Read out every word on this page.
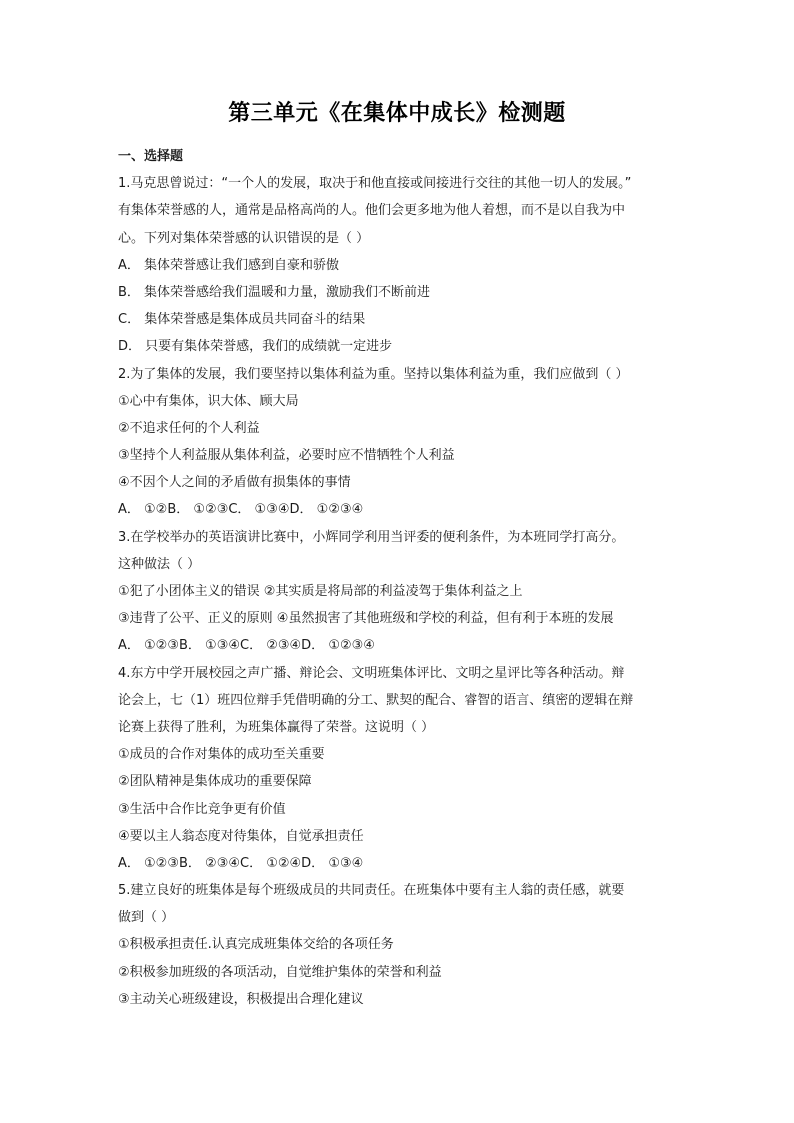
第三单元《在集体中成长》检测题
一、选择题
1.马克思曾说过：“一个人的发展，取决于和他直接或间接进行交往的其他一切人的发展。”
有集体荣誉感的人，通常是品格高尚的人。他们会更多地为他人着想，而不是以自我为中
心。下列对集体荣誉感的认识错误的是（ ）
A． 集体荣誉感让我们感到自豪和骄傲
B． 集体荣誉感给我们温暖和力量，激励我们不断前进
C． 集体荣誉感是集体成员共同奋斗的结果
D． 只要有集体荣誉感，我们的成绩就一定进步
2.为了集体的发展，我们要坚持以集体利益为重。坚持以集体利益为重，我们应做到（ ）
①心中有集体，识大体、顾大局
②不追求任何的个人利益
③坚持个人利益服从集体利益，必要时应不惜牺牲个人利益
④不因个人之间的矛盾做有损集体的事情
A． ①②B． ①②③C． ①③④D． ①②③④
3.在学校举办的英语演讲比赛中，小辉同学利用当评委的便利条件，为本班同学打高分。
这种做法（ ）
①犯了小团体主义的错误 ②其实质是将局部的利益凌驾于集体利益之上
③违背了公平、正义的原则 ④虽然损害了其他班级和学校的利益，但有利于本班的发展
A． ①②③B． ①③④C． ②③④D． ①②③④
4.东方中学开展校园之声广播、辩论会、文明班集体评比、文明之星评比等各种活动。辩
论会上，七（1）班四位辩手凭借明确的分工、默契的配合、睿智的语言、缜密的逻辑在辩
论赛上获得了胜利，为班集体赢得了荣誉。这说明（ ）
①成员的合作对集体的成功至关重要
②团队精神是集体成功的重要保障
③生活中合作比竞争更有价值
④要以主人翁态度对待集体，自觉承担责任
A． ①②③B． ②③④C． ①②④D． ①③④
5.建立良好的班集体是每个班级成员的共同责任。在班集体中要有主人翁的责任感，就要
做到（ ）
①积极承担责任.认真完成班集体交给的各项任务
②积极参加班级的各项活动，自觉维护集体的荣誉和利益
③主动关心班级建设，积极提出合理化建议
